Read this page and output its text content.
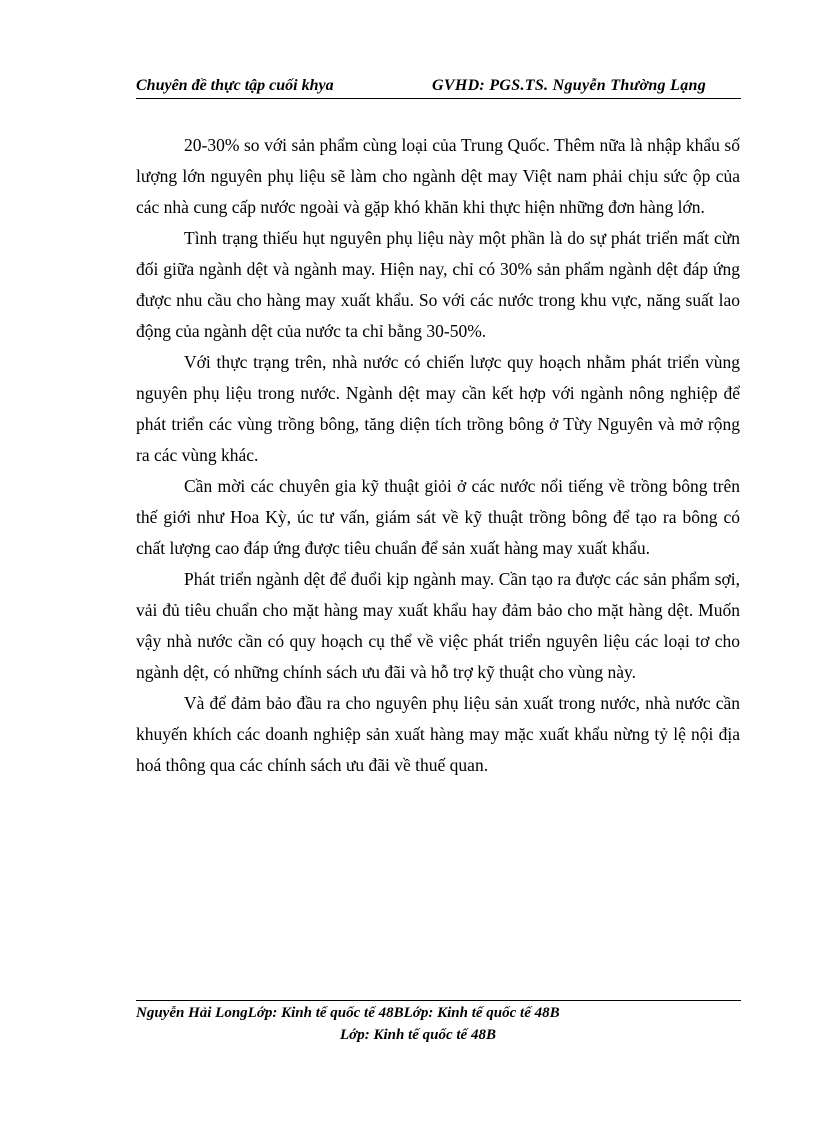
Chuyên đề thực tập cuối khya	GVHD: PGS.TS. Nguyễn Thường Lạng

20-30% so với sản phẩm cùng loại của Trung Quốc. Thêm nữa là nhập khẩu số lượng lớn nguyên phụ liệu sẽ làm cho ngành dệt may Việt nam phải chịu sức ộp của các nhà cung cấp nước ngoài và gặp khó khăn khi thực hiện những đơn hàng lớn.

Tình trạng thiếu hụt nguyên phụ liệu này một phần là do sự phát triển mất cừn đối giữa ngành dệt và ngành may. Hiện nay, chỉ có 30% sản phẩm ngành dệt đáp ứng được nhu cầu cho hàng may xuất khẩu. So với các nước trong khu vực, năng suất lao động của ngành dệt của nước ta chỉ bằng 30-50%.

Với thực trạng trên, nhà nước có chiến lược quy hoạch nhằm phát triển vùng nguyên phụ liệu trong nước. Ngành dệt may cần kết hợp với ngành nông nghiệp để phát triển các vùng trồng bông, tăng diện tích trồng bông ở Từy Nguyên và mở rộng ra các vùng khác.

Cần mời các chuyên gia kỹ thuật giỏi ở các nước nổi tiếng về trồng bông trên thế giới như Hoa Kỳ, úc tư vấn, giám sát về kỹ thuật trồng bông để tạo ra bông có chất lượng cao đáp ứng được tiêu chuẩn để sản xuất hàng may xuất khẩu.

Phát triển ngành dệt để đuổi kịp ngành may. Cần tạo ra được các sản phẩm sợi, vải đủ tiêu chuẩn cho mặt hàng may xuất khẩu hay đảm bảo cho mặt hàng dệt. Muốn vậy nhà nước cần có quy hoạch cụ thể về việc phát triển nguyên liệu các loại tơ cho ngành dệt, có những chính sách ưu đãi và hỗ trợ kỹ thuật cho vùng này.

Và để đảm bảo đầu ra cho nguyên phụ liệu sản xuất trong nước, nhà nước cần khuyến khích các doanh nghiệp sản xuất hàng may mặc xuất khẩu nừng tỷ lệ nội địa hoá thông qua các chính sách ưu đãi về thuế quan.

Nguyễn Hải LongLớp: Kinh tế quốc tế 48BLớp: Kinh tế quốc tế 48B
Lớp: Kinh tế quốc tế 48B
